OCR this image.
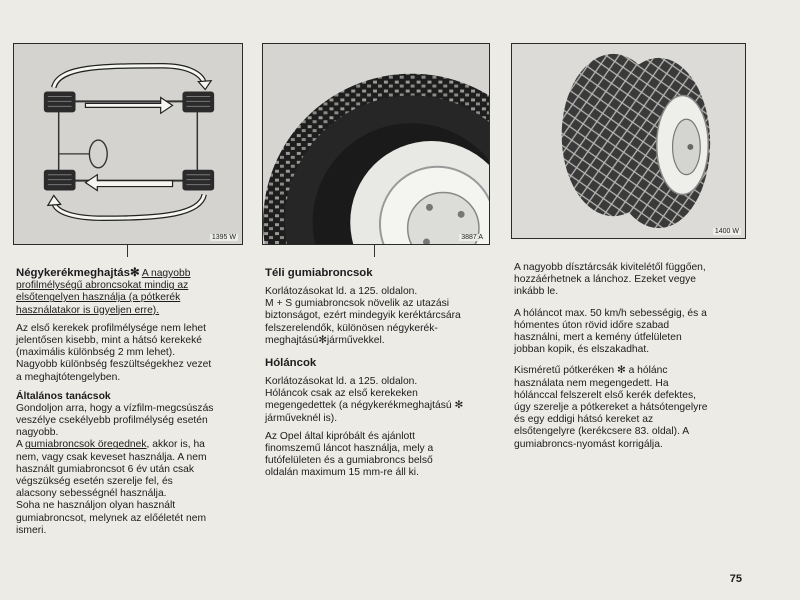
1395 W

Négykerékmeghajtás✻ A nagyobb

profilmélységű abroncsokat mindig az

elsőtengelyen használja (a pótkerék

használatakor is ügyeljen erre).

Az első kerekek profilmélysége nem lehet

jelentősen kisebb, mint a hátsó kerekeké

(maximális különbség 2 mm lehet).

Nagyobb különbség feszültségekhez vezet

a meghajtótengelyben.

Általános tanácsok

Gondoljon arra, hogy a vízfilm-megcsúszás

veszélye csekélyebb profilmélység esetén

nagyobb.

A gumiabroncsok öregednek, akkor is, ha

nem, vagy csak keveset használja. A nem

használt gumiabroncsot 6 év után csak

végszükség esetén szerelje fel, és

alacsony sebességnél használja.

Soha ne használjon olyan használt

gumiabroncsot, melynek az előéletét nem

ismeri.

3887 A

Téli gumiabroncsok

Korlátozásokat ld. a 125. oldalon.

M + S gumiabroncsok növelik az utazási

biztonságot, ezért mindegyik keréktárcsára

felszerelendők, különösen négykerék-

meghajtású✻járművekkel.

Hóláncok

Korlátozásokat ld. a 125. oldalon.

Hóláncok csak az első kerekeken

megengedettek (a négykerékmeghajtású ✻

járműveknél is).

Az Opel által kipróbált és ajánlott

finomszemű láncot használja, mely a

futófelületen és a gumiabroncs belső

oldalán maximum 15 mm-re áll ki.

1400 W

A nagyobb dísztárcsák kivitelétől függően,

hozzáérhetnek a lánchoz. Ezeket vegye

inkább le.

A hóláncot max. 50 km/h sebességig, és a

hómentes úton rövid időre szabad

használni, mert a kemény útfelületen

jobban kopik, és elszakadhat.

Kisméretű pótkeréken ✻ a hólánc

használata nem megengedett. Ha

hólánccal felszerelt első kerék defektes,

úgy szerelje a pótkereket a hátsótengelyre

és egy eddigi hátsó kereket az

elsőtengelyre (kerékcsere 83. oldal). A

gumiabroncs-nyomást korrigálja.

75
